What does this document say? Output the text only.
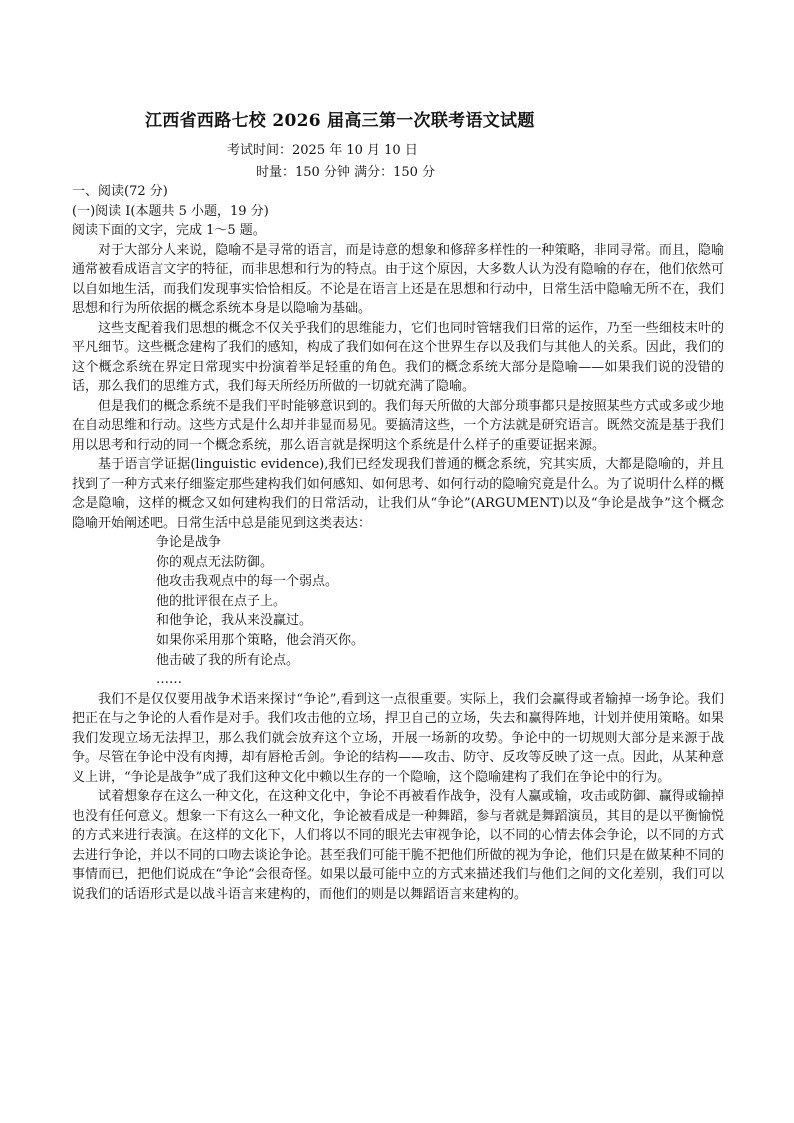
江西省西路七校 2026 届高三第一次联考语文试题
考试时间：2025 年 10 月 10 日
时量：150 分钟 满分：150 分

一、阅读(72 分)

(一)阅读 I(本题共 5 小题，19 分)

阅读下面的文字，完成 1～5 题。

对于大部分人来说，隐喻不是寻常的语言，而是诗意的想象和修辞多样性的一种策略，非同寻常。而且，隐喻通常被看成语言文字的特征，而非思想和行为的特点。由于这个原因，大多数人认为没有隐喻的存在，他们依然可以自如地生活，而我们发现事实恰恰相反。不论是在语言上还是在思想和行动中，日常生活中隐喻无所不在，我们思想和行为所依据的概念系统本身是以隐喻为基础。

这些支配着我们思想的概念不仅关乎我们的思维能力，它们也同时管辖我们日常的运作，乃至一些细枝末叶的平凡细节。这些概念建构了我们的感知，构成了我们如何在这个世界生存以及我们与其他人的关系。因此，我们的这个概念系统在界定日常现实中扮演着举足轻重的角色。我们的概念系统大部分是隐喻——如果我们说的没错的话，那么我们的思维方式，我们每天所经历所做的一切就充满了隐喻。

但是我们的概念系统不是我们平时能够意识到的。我们每天所做的大部分琐事都只是按照某些方式或多或少地在自动思维和行动。这些方式是什么却并非显而易见。要搞清这些，一个方法就是研究语言。既然交流是基于我们用以思考和行动的同一个概念系统，那么语言就是探明这个系统是什么样子的重要证据来源。

基于语言学证据(linguistic evidence),我们已经发现我们普通的概念系统，究其实质，大都是隐喻的，并且找到了一种方式来仔细鉴定那些建构我们如何感知、如何思考、如何行动的隐喻究竟是什么。为了说明什么样的概念是隐喻，这样的概念又如何建构我们的日常活动，让我们从“争论”(ARGUMENT)以及“争论是战争”这个概念隐喻开始阐述吧。日常生活中总是能见到这类表达：

争论是战争
你的观点无法防御。
他攻击我观点中的每一个弱点。
他的批评很在点子上。
和他争论，我从来没赢过。
如果你采用那个策略，他会消灭你。
他击破了我的所有论点。
……

我们不是仅仅要用战争术语来探讨“争论”,看到这一点很重要。实际上，我们会赢得或者输掉一场争论。我们把正在与之争论的人看作是对手。我们攻击他的立场，捍卫自己的立场，失去和赢得阵地，计划并使用策略。如果我们发现立场无法捍卫，那么我们就会放弃这个立场，开展一场新的攻势。争论中的一切规则大部分是来源于战争。尽管在争论中没有肉搏，却有唇枪舌剑。争论的结构——攻击、防守、反攻等反映了这一点。因此，从某种意义上讲，“争论是战争”成了我们这种文化中赖以生存的一个隐喻，这个隐喻建构了我们在争论中的行为。

试着想象存在这么一种文化，在这种文化中，争论不再被看作战争，没有人赢或输，攻击或防御、赢得或输掉也没有任何意义。想象一下有这么一种文化，争论被看成是一种舞蹈，参与者就是舞蹈演员，其目的是以平衡愉悦的方式来进行表演。在这样的文化下，人们将以不同的眼光去审视争论，以不同的心情去体会争论，以不同的方式去进行争论，并以不同的口吻去谈论争论。甚至我们可能干脆不把他们所做的视为争论，他们只是在做某种不同的事情而已，把他们说成在“争论”会很奇怪。如果以最可能中立的方式来描述我们与他们之间的文化差别，我们可以说我们的话语形式是以战斗语言来建构的，而他们的则是以舞蹈语言来建构的。
